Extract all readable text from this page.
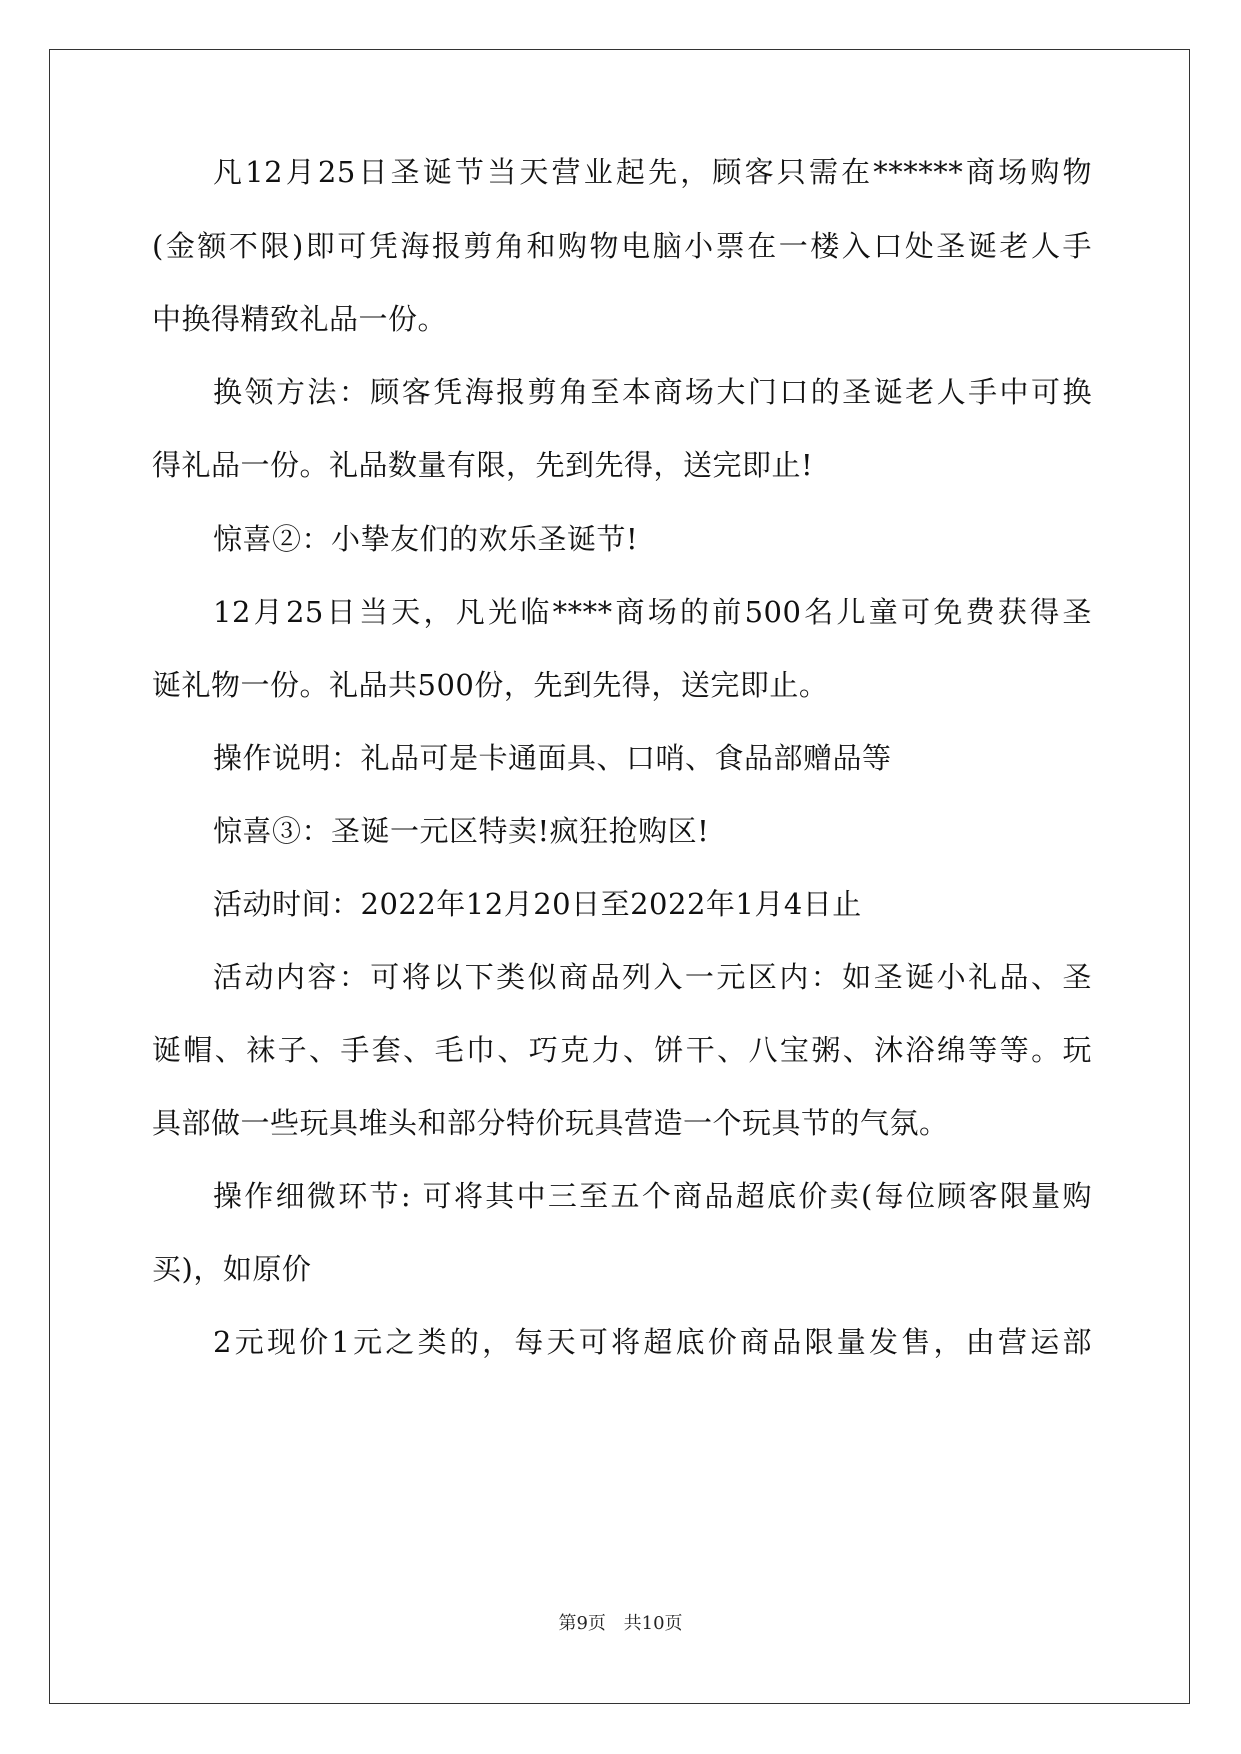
凡12月25日圣诞节当天营业起先，顾客只需在******商场购物
(金额不限)即可凭海报剪角和购物电脑小票在一楼入口处圣诞老人手
中换得精致礼品一份。
换领方法：顾客凭海报剪角至本商场大门口的圣诞老人手中可换
得礼品一份。礼品数量有限，先到先得，送完即止!
惊喜②：小挚友们的欢乐圣诞节!
12月25日当天，凡光临****商场的前500名儿童可免费获得圣
诞礼物一份。礼品共500份，先到先得，送完即止。
操作说明：礼品可是卡通面具、口哨、食品部赠品等
惊喜③：圣诞一元区特卖!疯狂抢购区!
活动时间：2022年12月20日至2022年1月4日止
活动内容：可将以下类似商品列入一元区内：如圣诞小礼品、圣
诞帽、袜子、手套、毛巾、巧克力、饼干、八宝粥、沐浴绵等等。玩
具部做一些玩具堆头和部分特价玩具营造一个玩具节的气氛。
操作细微环节: 可将其中三至五个商品超底价卖(每位顾客限量购
买)，如原价
2元现价1元之类的，每天可将超底价商品限量发售，由营运部
第9页 共10页
